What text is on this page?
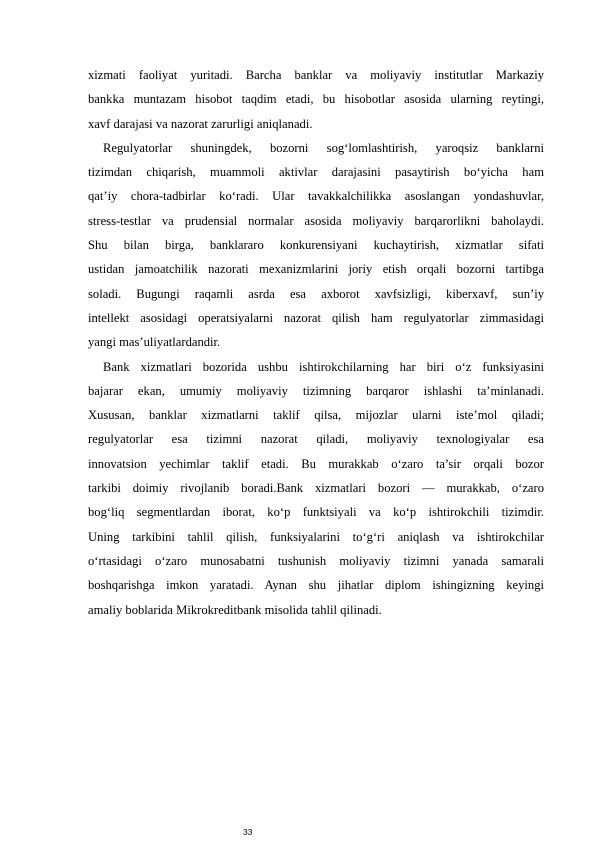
xizmati faoliyat yuritadi. Barcha banklar va moliyaviy institutlar Markaziy
bankka muntazam hisobot taqdim etadi, bu hisobotlar asosida ularning reytingi,
xavf darajasi va nazorat zarurligi aniqlanadi.
Regulyatorlar shuningdek, bozorni sog‘lomlashtirish, yaroqsiz banklarni
tizimdan chiqarish, muammoli aktivlar darajasini pasaytirish bo‘yicha ham
qat’iy chora-tadbirlar ko‘radi. Ular tavakkalchilikka asoslangan yondashuvlar,
stress-testlar va prudensial normalar asosida moliyaviy barqarorlikni baholaydi.
Shu bilan birga, banklararo konkurensiyani kuchaytirish, xizmatlar sifati
ustidan jamoatchilik nazorati mexanizmlarini joriy etish orqali bozorni tartibga
soladi. Bugungi raqamli asrda esa axborot xavfsizligi, kiberxavf, sun’iy
intellekt asosidagi operatsiyalarni nazorat qilish ham regulyatorlar zimmasidagi
yangi mas’uliyatlardandir.
Bank xizmatlari bozorida ushbu ishtirokchilarning har biri o‘z funksiyasini
bajarar ekan, umumiy moliyaviy tizimning barqaror ishlashi ta’minlanadi.
Xususan, banklar xizmatlarni taklif qilsa, mijozlar ularni iste’mol qiladi;
regulyatorlar esa tizimni nazorat qiladi, moliyaviy texnologiyalar esa
innovatsion yechimlar taklif etadi. Bu murakkab o‘zaro ta’sir orqali bozor
tarkibi doimiy rivojlanib boradi.Bank xizmatlari bozori — murakkab, o‘zaro
bog‘liq segmentlardan iborat, ko‘p funktsiyali va ko‘p ishtirokchili tizimdir.
Uning tarkibini tahlil qilish, funksiyalarini to‘g‘ri aniqlash va ishtirokchilar
o‘rtasidagi o‘zaro munosabatni tushunish moliyaviy tizimni yanada samarali
boshqarishga imkon yaratadi. Aynan shu jihatlar diplom ishingizning keyingi
amaliy boblarida Mikrokreditbank misolida tahlil qilinadi.
33
